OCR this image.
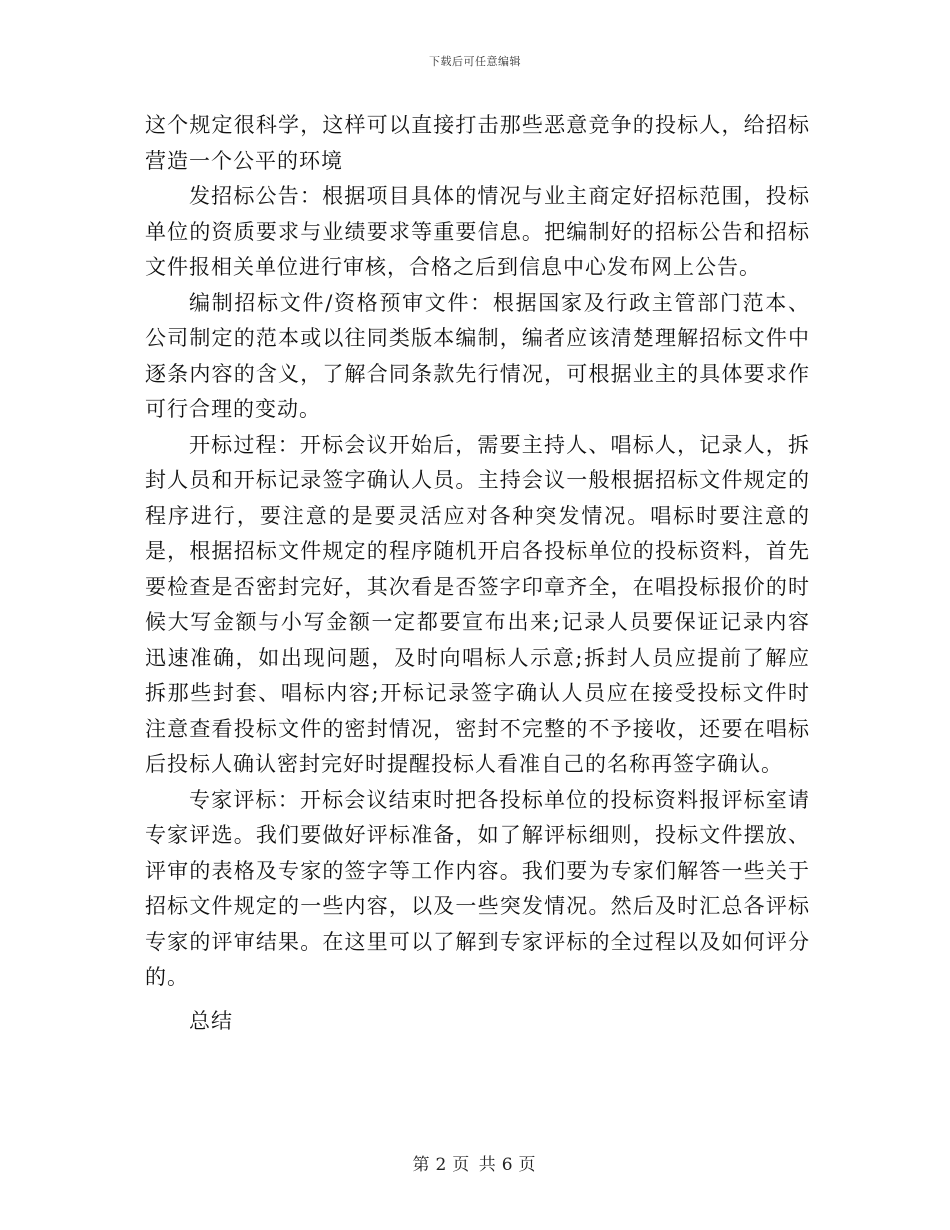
下载后可任意编辑

这个规定很科学，这样可以直接打击那些恶意竞争的投标人，给招标营造一个公平的环境

发招标公告：根据项目具体的情况与业主商定好招标范围，投标单位的资质要求与业绩要求等重要信息。把编制好的招标公告和招标文件报相关单位进行审核，合格之后到信息中心发布网上公告。

编制招标文件/资格预审文件：根据国家及行政主管部门范本、公司制定的范本或以往同类版本编制，编者应该清楚理解招标文件中逐条内容的含义，了解合同条款先行情况，可根据业主的具体要求作可行合理的变动。

开标过程：开标会议开始后，需要主持人、唱标人，记录人，拆封人员和开标记录签字确认人员。主持会议一般根据招标文件规定的程序进行，要注意的是要灵活应对各种突发情况。唱标时要注意的是，根据招标文件规定的程序随机开启各投标单位的投标资料，首先要检查是否密封完好，其次看是否签字印章齐全，在唱投标报价的时候大写金额与小写金额一定都要宣布出来;记录人员要保证记录内容迅速准确，如出现问题，及时向唱标人示意;拆封人员应提前了解应拆那些封套、唱标内容;开标记录签字确认人员应在接受投标文件时注意查看投标文件的密封情况，密封不完整的不予接收，还要在唱标后投标人确认密封完好时提醒投标人看准自己的名称再签字确认。

专家评标：开标会议结束时把各投标单位的投标资料报评标室请专家评选。我们要做好评标准备，如了解评标细则，投标文件摆放、评审的表格及专家的签字等工作内容。我们要为专家们解答一些关于招标文件规定的一些内容，以及一些突发情况。然后及时汇总各评标专家的评审结果。在这里可以了解到专家评标的全过程以及如何评分的。

总结

第 2 页 共 6 页
